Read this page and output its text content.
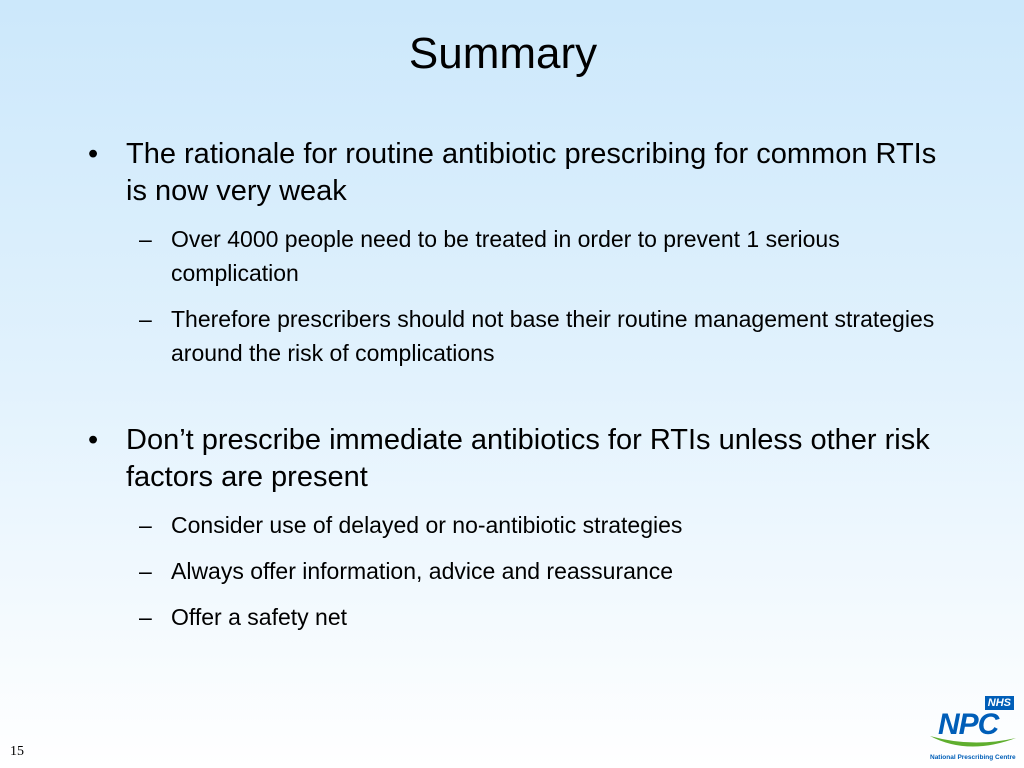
Summary
• The rationale for routine antibiotic prescribing for common RTIs is now very weak
– Over 4000 people need to be treated in order to prevent 1 serious complication
– Therefore prescribers should not base their routine management strategies around the risk of complications
• Don’t prescribe immediate antibiotics for RTIs unless other risk factors are present
– Consider use of delayed or no-antibiotic strategies
– Always offer information, advice and reassurance
– Offer a safety net
15
NHS
NPC
National Prescribing Centre
